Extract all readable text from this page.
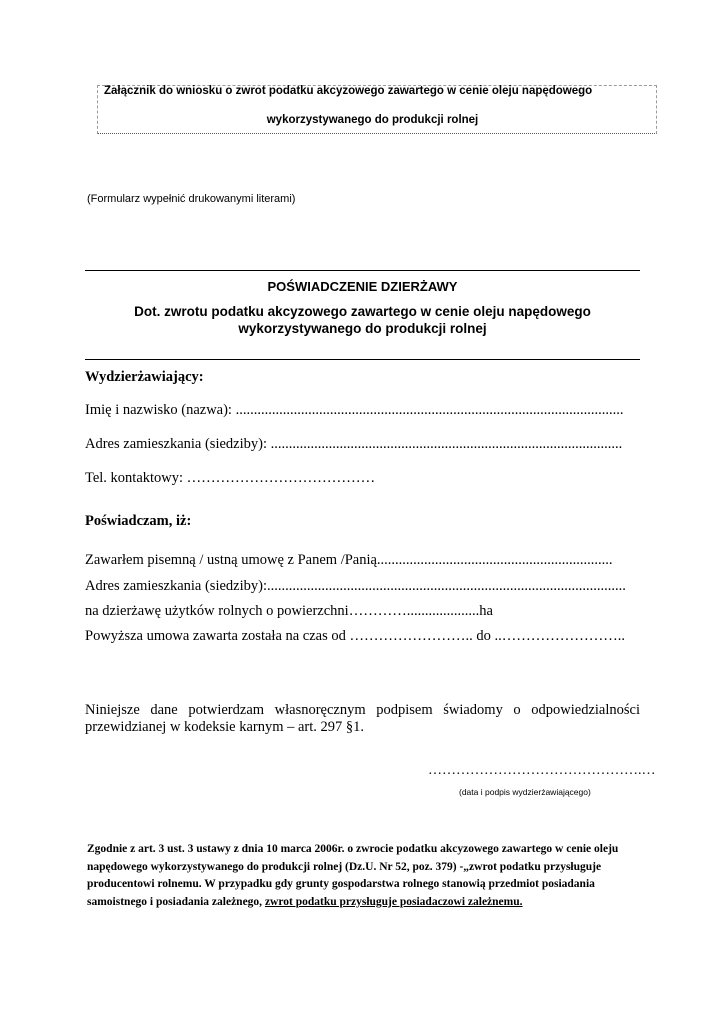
Załącznik do wniosku o zwrot podatku akcyzowego zawartego w cenie oleju napędowego
wykorzystywanego do produkcji rolnej
(Formularz wypełnić drukowanymi literami)
POŚWIADCZENIE DZIERŻAWY
Dot. zwrotu podatku akcyzowego zawartego w cenie oleju napędowego
wykorzystywanego do produkcji rolnej
Wydzierżawiający:
Imię i nazwisko (nazwa): ...........................................................................................................
Adres zamieszkania (siedziby): .................................................................................................
Tel. kontaktowy: …………………………………
Poświadczam, iż:
Zawarłem pisemną / ustną umowę z Panem /Panią.................................................................
Adres zamieszkania (siedziby):...................................................................................................
na dzierżawę użytków rolnych o powierzchni…………....................ha
Powyższa umowa zawarta została na czas od …………………….. do ..……………………..
Niniejsze dane potwierdzam własnoręcznym podpisem świadomy o odpowiedzialności
przewidzianej w kodeksie karnym – art. 297 §1.
……………………………………….…
(data i podpis wydzierżawiającego)
Zgodnie z art. 3 ust. 3 ustawy z dnia 10 marca 2006r. o zwrocie podatku akcyzowego zawartego w cenie oleju napędowego wykorzystywanego do produkcji rolnej (Dz.U. Nr 52, poz. 379) -„zwrot podatku przysługuje producentowi rolnemu. W przypadku gdy grunty gospodarstwa rolnego stanowią przedmiot posiadania samoistnego i posiadania zależnego, zwrot podatku przysługuje posiadaczowi zależnemu.
